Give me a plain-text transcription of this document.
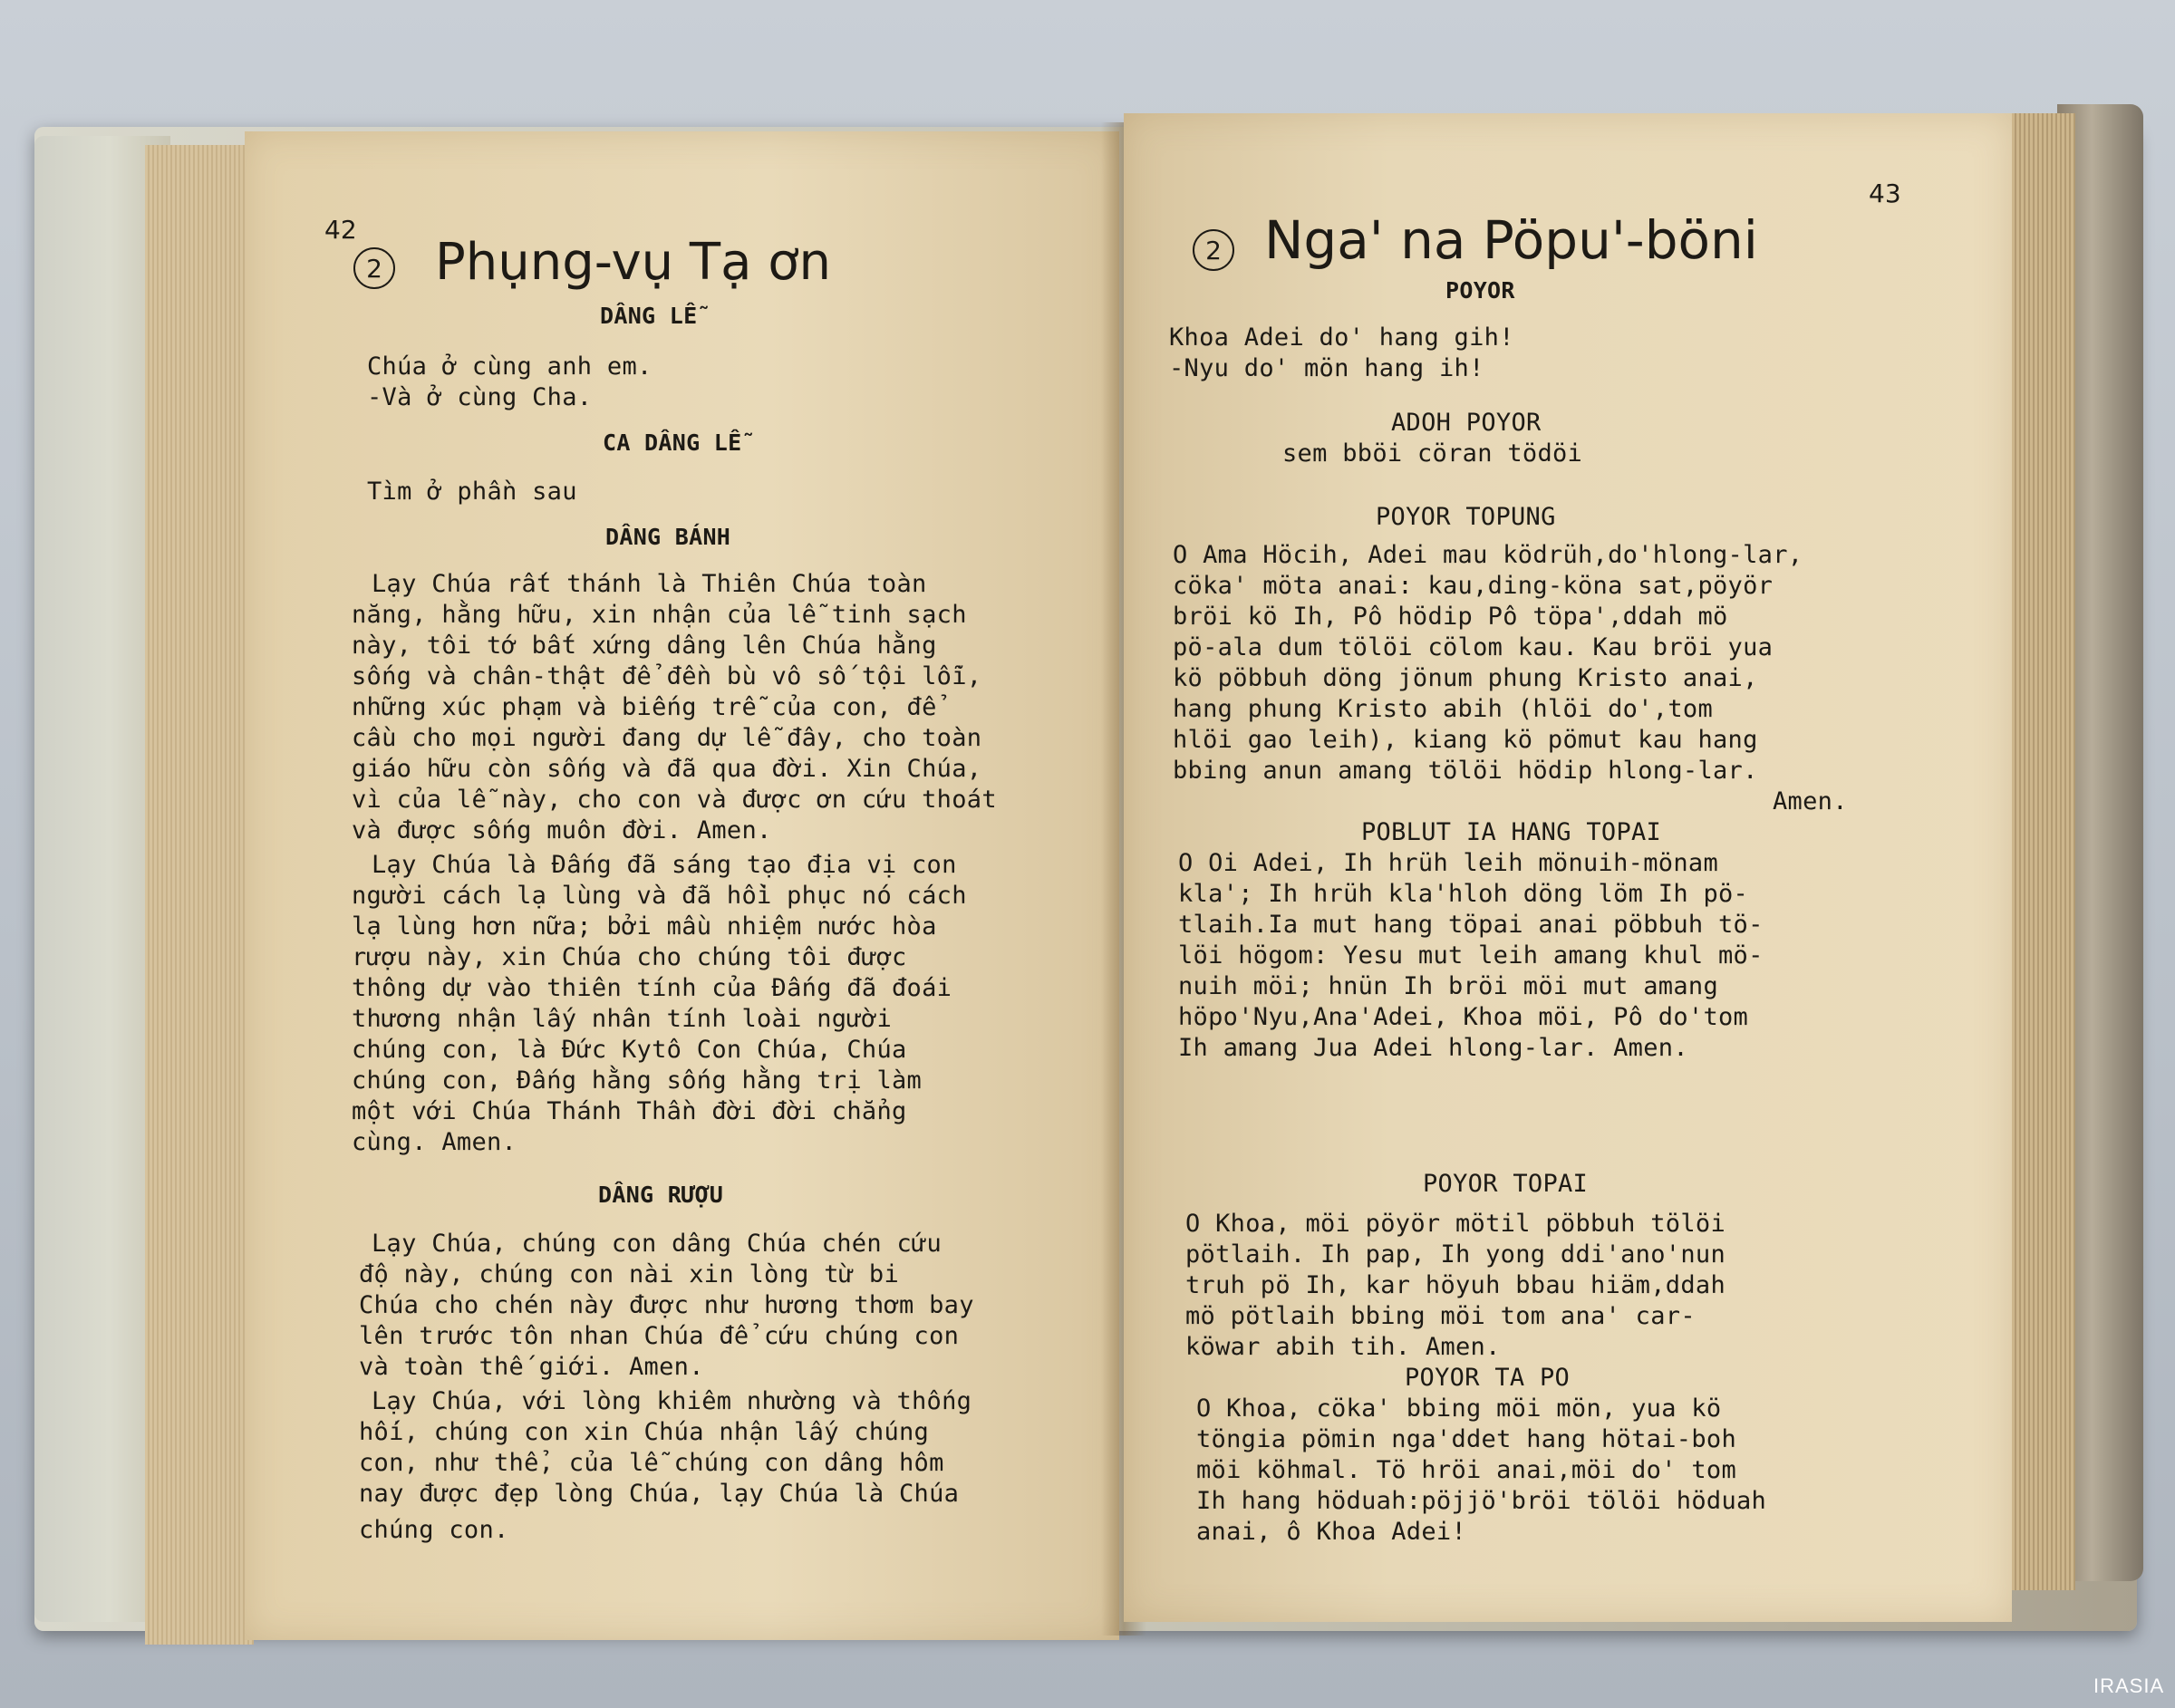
42
2 Phụng-vụ Tạ ơn
DÂNG LỄ
Chúa ở cùng anh em.
-Và ở cùng Cha.
CA DÂNG LỄ
Tìm ở phần sau
DÂNG BÁNH
Lạy Chúa rất thánh là Thiên Chúa toàn
năng, hằng hữu, xin nhận của lễ tinh sạch
này, tôi tớ bất xứng dâng lên Chúa hằng
sống và chân-thật để đền bù vô số tội lỗi,
những xúc phạm và biếng trễ của con, để
cầu cho mọi người đang dự lễ đây, cho toàn
giáo hữu còn sống và đã qua đời. Xin Chúa,
vì của lễ này, cho con và được ơn cứu thoát
và được sống muôn đời. Amen.
Lạy Chúa là Đấng đã sáng tạo địa vị con
người cách lạ lùng và đã hồi phục nó cách
lạ lùng hơn nữa; bởi mầu nhiệm nước hòa
rượu này, xin Chúa cho chúng tôi được
thông dự vào thiên tính của Đấng đã đoái
thương nhận lấy nhân tính loài người
chúng con, là Đức Kytô Con Chúa, Chúa
chúng con, Đấng hằng sống hằng trị làm
một với Chúa Thánh Thần đời đời chẳng
cùng. Amen.
DÂNG RƯỢU
Lạy Chúa, chúng con dâng Chúa chén cứu
độ này, chúng con nài xin lòng từ bi
Chúa cho chén này được như hương thơm bay
lên trước tôn nhan Chúa để cứu chúng con
và toàn thế giới. Amen.
Lạy Chúa, với lòng khiêm nhường và thống
hối, chúng con xin Chúa nhận lấy chúng
con, như thể, của lễ chúng con dâng hôm
nay được đẹp lòng Chúa, lạy Chúa là Chúa
chúng con.
43
2 Nga' na Pöpu'-böni
POYOR
Khoa Adei do' hang gih!
-Nyu do' mön hang ih!
ADOH POYOR
sem bböi cöran tödöi
POYOR TOPUNG
O Ama Höcih, Adei mau ködrüh,do'hlong-lar,
cöka' möta anai: kau,ding-köna sat,pöyör
bröi kö Ih, Pô hödip Pô töpa',ddah mö
pö-ala dum tölöi cölom kau. Kau bröi yua
kö pöbbuh döng jönum phung Kristo anai,
hang phung Kristo abih (hlöi do',tom
hlöi gao leih), kiang kö pömut kau hang
bbing anun amang tölöi hödip hlong-lar.
Amen.
POBLUT IA HANG TOPAI
O Oi Adei, Ih hrüh leih mönuih-mönam
kla'; Ih hrüh kla'hloh döng löm Ih pö-
tlaih.Ia mut hang töpai anai pöbbuh tö-
löi högom: Yesu mut leih amang khul mö-
nuih möi; hnün Ih bröi möi mut amang
höpo'Nyu,Ana'Adei, Khoa möi, Pô do'tom
Ih amang Jua Adei hlong-lar. Amen.
POYOR TOPAI
O Khoa, möi pöyör mötil pöbbuh tölöi
pötlaih. Ih pap, Ih yong ddi'ano'nun
truh pö Ih, kar höyuh bbau hiäm,ddah
mö pötlaih bbing möi tom ana' car-
köwar abih tih. Amen.
POYOR TA PO
O Khoa, cöka' bbing möi mön, yua kö
töngia pömin nga'ddet hang hötai-boh
möi köhmal. Tö hröi anai,möi do' tom
Ih hang höduah:pöjjö'bröi tölöi höduah
anai, ô Khoa Adei!
IRASIA
